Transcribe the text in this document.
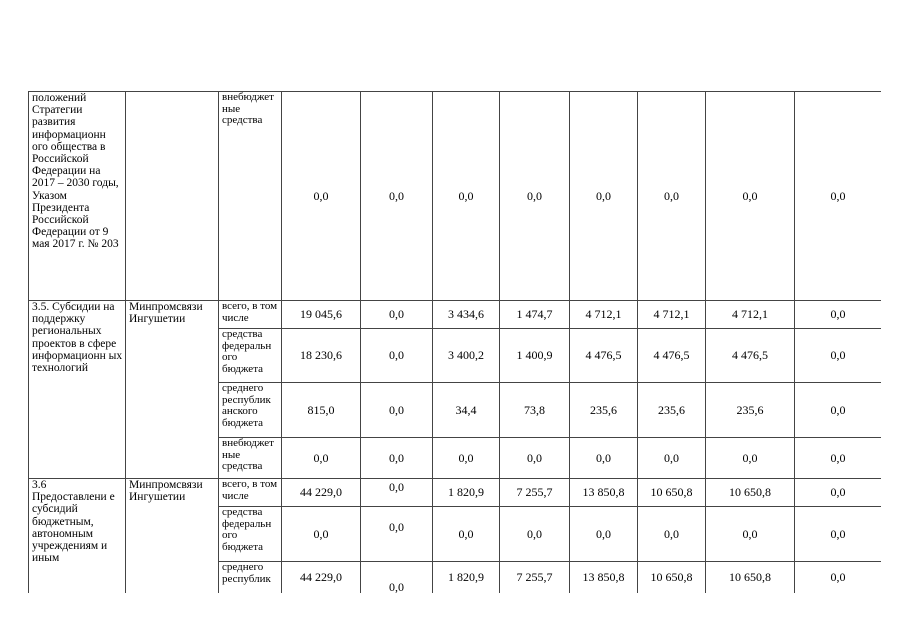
положений Стратегии развития информационн ого общества в Российской Федерации на 2017 – 2030 годы, Указом Президента Российской Федерации от 9 мая 2017 г. № 203		внебюджет ные средства	0,0	0,0	0,0	0,0	0,0	0,0	0,0	0,0
3.5. Субсидии на поддержку региональных проектов в сфере информационн ых технологий	Минпромсвязи Ингушетии	всего, в том числе	19 045,6	0,0	3 434,6	1 474,7	4 712,1	4 712,1	4 712,1	0,0
		средства федеральн ого бюджета	18 230,6	0,0	3 400,2	1 400,9	4 476,5	4 476,5	4 476,5	0,0
		среднего республик анского бюджета	815,0	0,0	34,4	73,8	235,6	235,6	235,6	0,0
		внебюджет ные средства	0,0	0,0	0,0	0,0	0,0	0,0	0,0	0,0
3.6 Предоставлени е субсидий бюджетным, автономным учреждениям и иным	Минпромсвязи Ингушетии	всего, в том числе	44 229,0	0,0	1 820,9	7 255,7	13 850,8	10 650,8	10 650,8	0,0
		средства федеральн ого бюджета	0,0	0,0	0,0	0,0	0,0	0,0	0,0	0,0
		среднего республик	44 229,0	0,0	1 820,9	7 255,7	13 850,8	10 650,8	10 650,8	0,0
